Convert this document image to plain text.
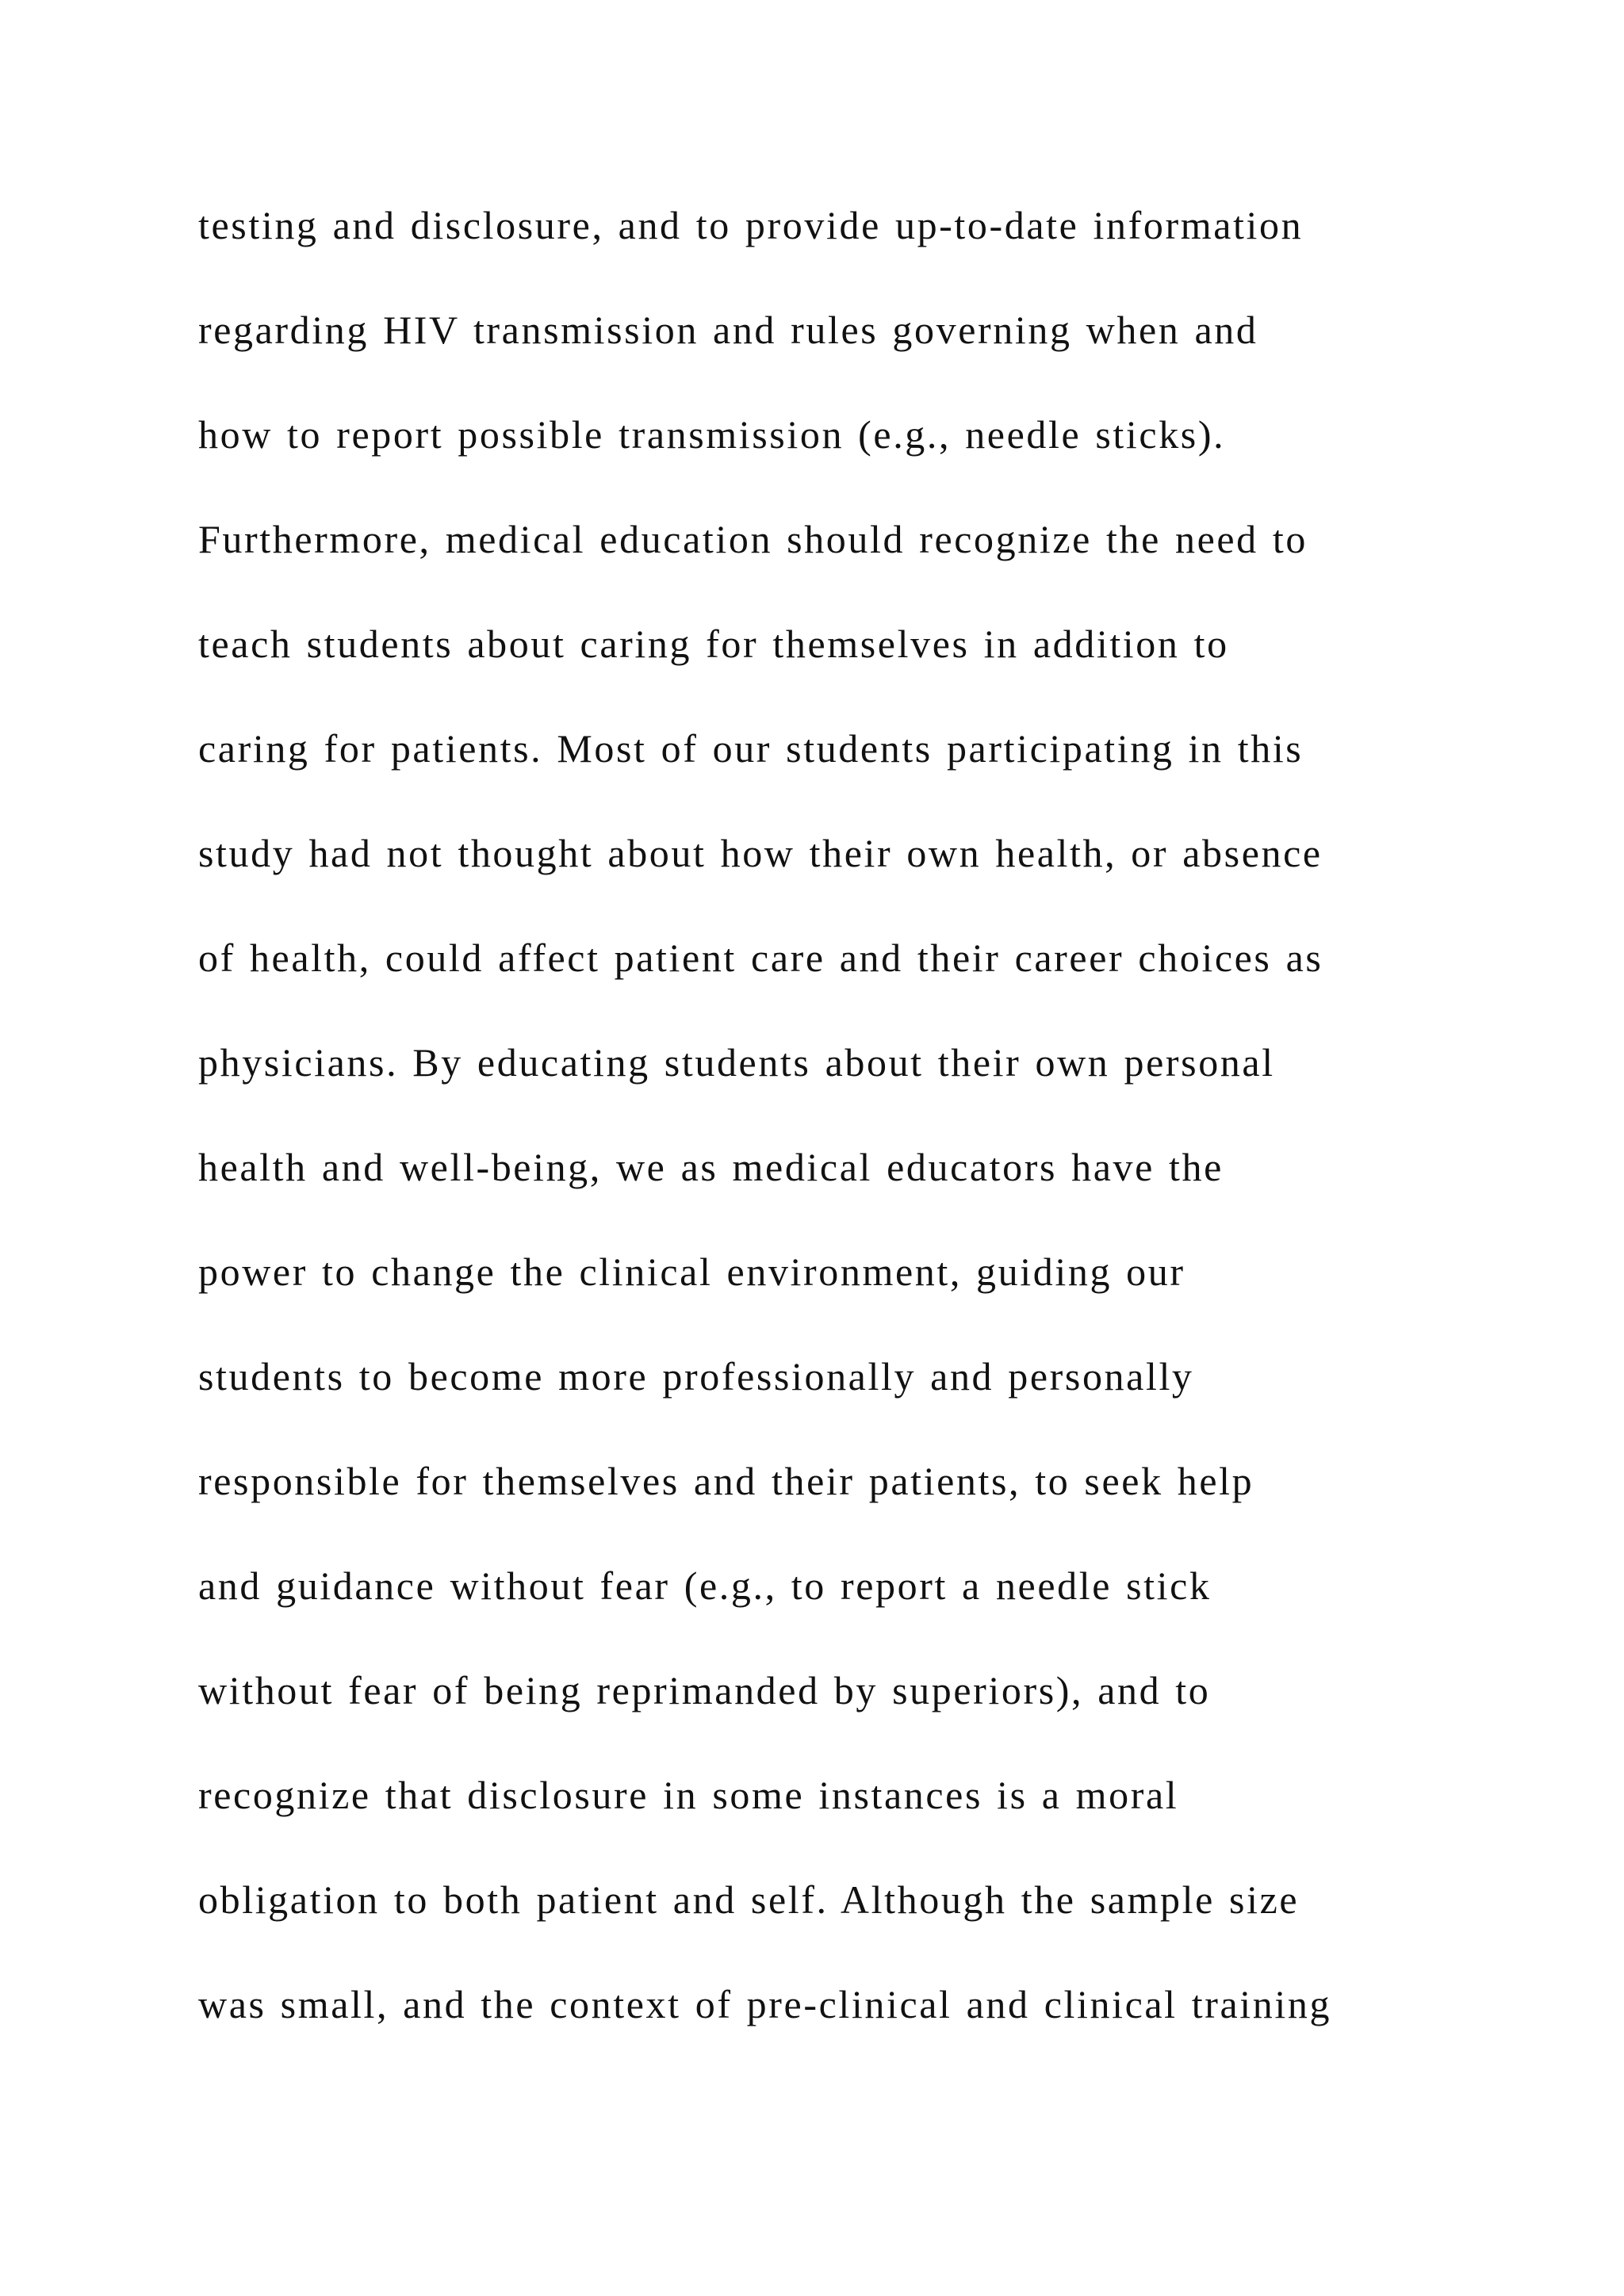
testing and disclosure, and to provide up-to-date information
regarding HIV transmission and rules governing when and
how to report possible transmission (e.g., needle sticks).
Furthermore, medical education should recognize the need to
teach students about caring for themselves in addition to
caring for patients. Most of our students participating in this
study had not thought about how their own health, or absence
of health, could affect patient care and their career choices as
physicians. By educating students about their own personal
health and well-being, we as medical educators have the
power to change the clinical environment, guiding our
students to become more professionally and personally
responsible for themselves and their patients, to seek help
and guidance without fear (e.g., to report a needle stick
without fear of being reprimanded by superiors), and to
recognize that disclosure in some instances is a moral
obligation to both patient and self. Although the sample size
was small, and the context of pre-clinical and clinical training
